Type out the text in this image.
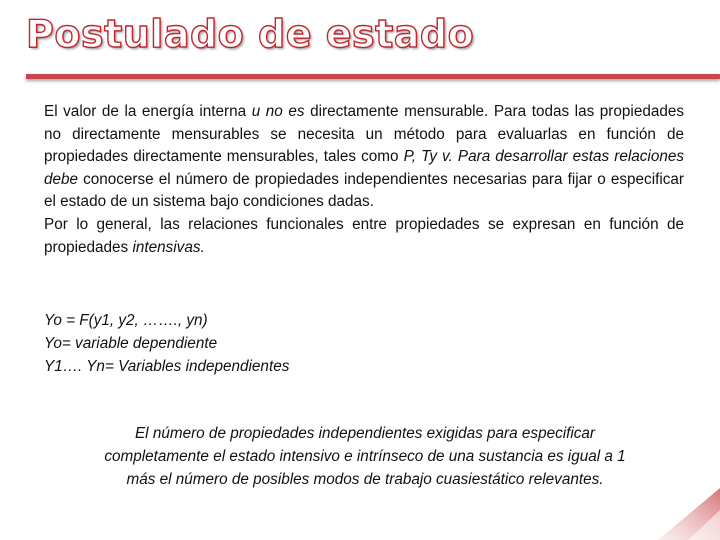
Postulado de estado

El valor de la energía interna u no es directamente mensurable. Para todas las propiedades no directamente mensurables se necesita un método para evaluarlas en función de propiedades directamente mensurables, tales como P, Ty v. Para desarrollar estas relaciones debe conocerse el número de propiedades independientes necesarias para fijar o especificar el estado de un sistema bajo condiciones dadas.

Por lo general, las relaciones funcionales entre propiedades se expresan en función de propiedades intensivas.

Yo = F(y1, y2, ……., yn)
Yo= variable dependiente
Y1…. Yn= Variables independientes
El número de propiedades independientes exigidas para especificar completamente el estado intensivo e intrínseco de una sustancia es igual a 1 más el número de posibles modos de trabajo cuasiestático relevantes.
